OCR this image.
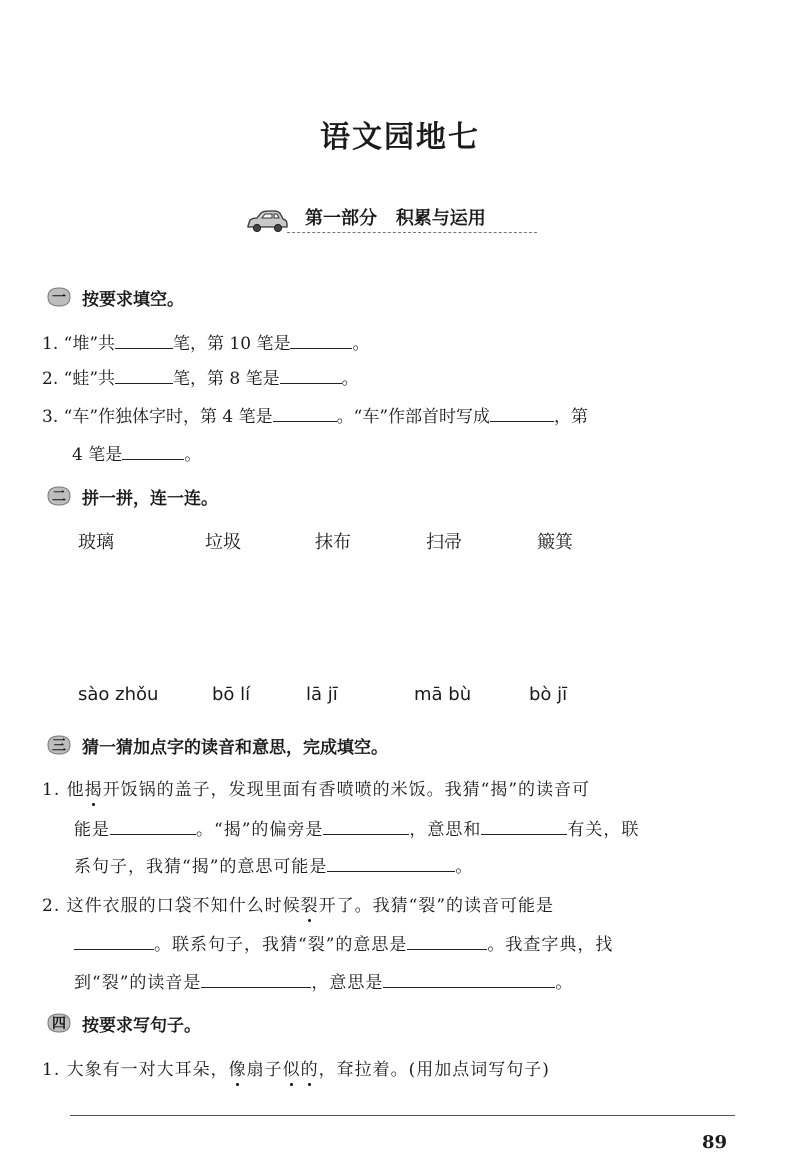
语文园地七
第一部分 积累与运用
一 按要求填空。
1. “堆”共	笔，第 10 笔是	。
2. “蛙”共	笔，第 8 笔是	。
3. “车”作独体字时，第 4 笔是	。“车”作部首时写成	，第
4 笔是	。
二 拼一拼，连一连。
玻璃	垃圾	抹布	扫帚	簸箕
sào zhǒu	bō lí	lā jī	mā bù	bò jī
三 猜一猜加点字的读音和意思，完成填空。
1. 他揭开饭锅的盖子，发现里面有香喷喷的米饭。我猜“揭”的读音可
能是	。“揭”的偏旁是	，意思和	有关，联
系句子，我猜“揭”的意思可能是	。
2. 这件衣服的口袋不知什么时候裂开了。我猜“裂”的读音可能是
。联系句子，我猜“裂”的意思是	。我查字典，找
到“裂”的读音是	，意思是	。
四 按要求写句子。
1. 大象有一对大耳朵，像扇子似的，耷拉着。(用加点词写句子)
89
